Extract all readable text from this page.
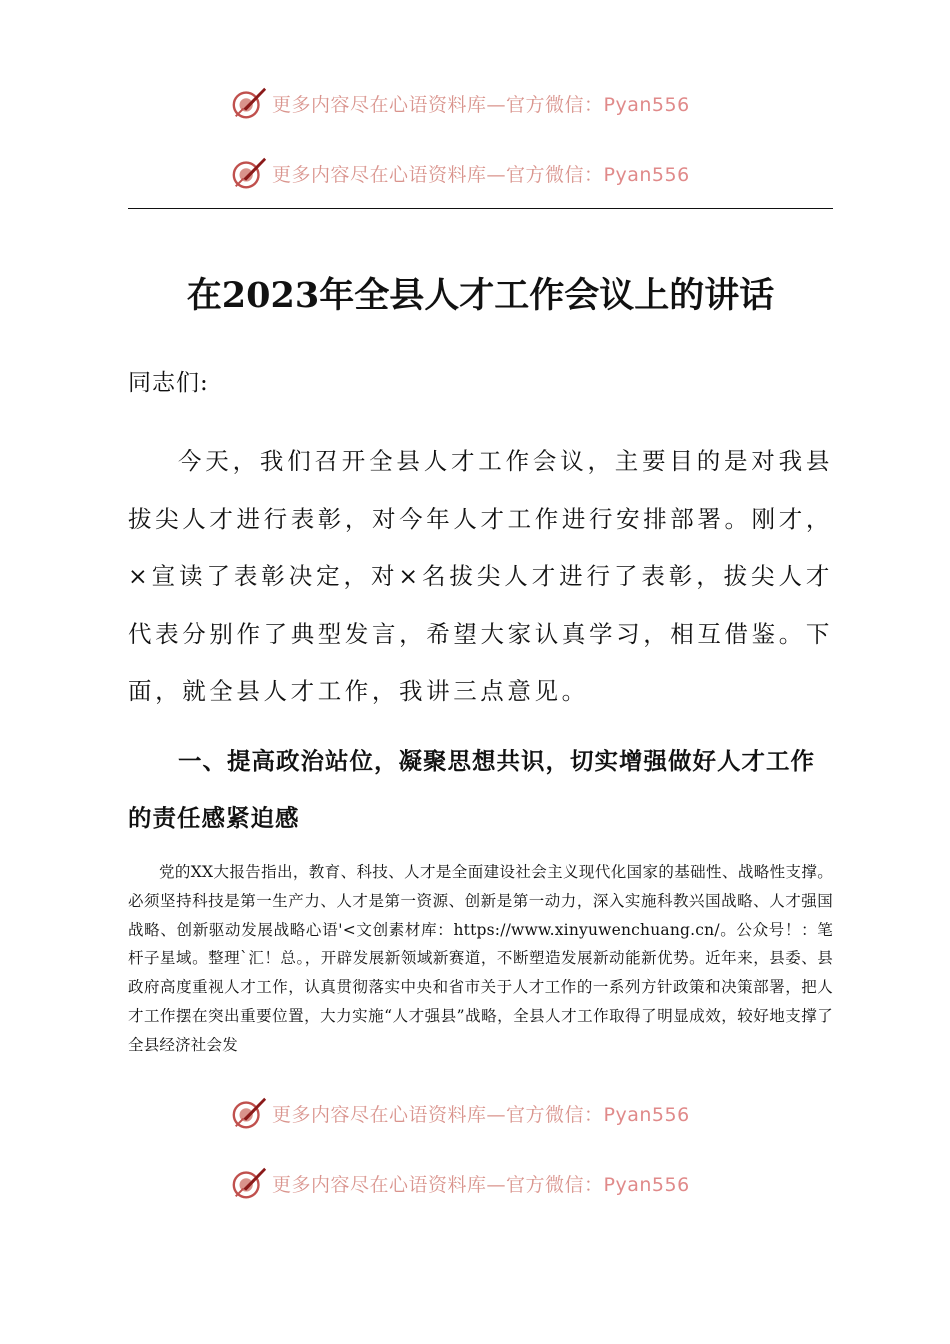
更多内容尽在心语资料库—官方微信：Pyan556
更多内容尽在心语资料库—官方微信：Pyan556
在2023年全县人才工作会议上的讲话
同志们:

今天，我们召开全县人才工作会议，主要目的是对我县拔尖人才进行表彰，对今年人才工作进行安排部署。刚才，×宣读了表彰决定，对×名拔尖人才进行了表彰，拔尖人才代表分别作了典型发言，希望大家认真学习，相互借鉴。下面，就全县人才工作，我讲三点意见。

一、提高政治站位，凝聚思想共识，切实增强做好人才工作的责任感紧迫感

党的XX大报告指出，教育、科技、人才是全面建设社会主义现代化国家的基础性、战略性支撑。必须坚持科技是第一生产力、人才是第一资源、创新是第一动力，深入实施科教兴国战略、人才强国战略、创新驱动发展战略心语'<文创素材库：https://www.xinyuwenchuang.cn/。公众号！：笔杆子星域。整理`汇！总。，开辟发展新领域新赛道，不断塑造发展新动能新优势。近年来，县委、县政府高度重视人才工作，认真贯彻落实中央和省市关于人才工作的一系列方针政策和决策部署，把人才工作摆在突出重要位置，大力实施“人才强县”战略，全县人才工作取得了明显成效，较好地支撑了全县经济社会发

更多内容尽在心语资料库—官方微信：Pyan556
更多内容尽在心语资料库—官方微信：Pyan556
